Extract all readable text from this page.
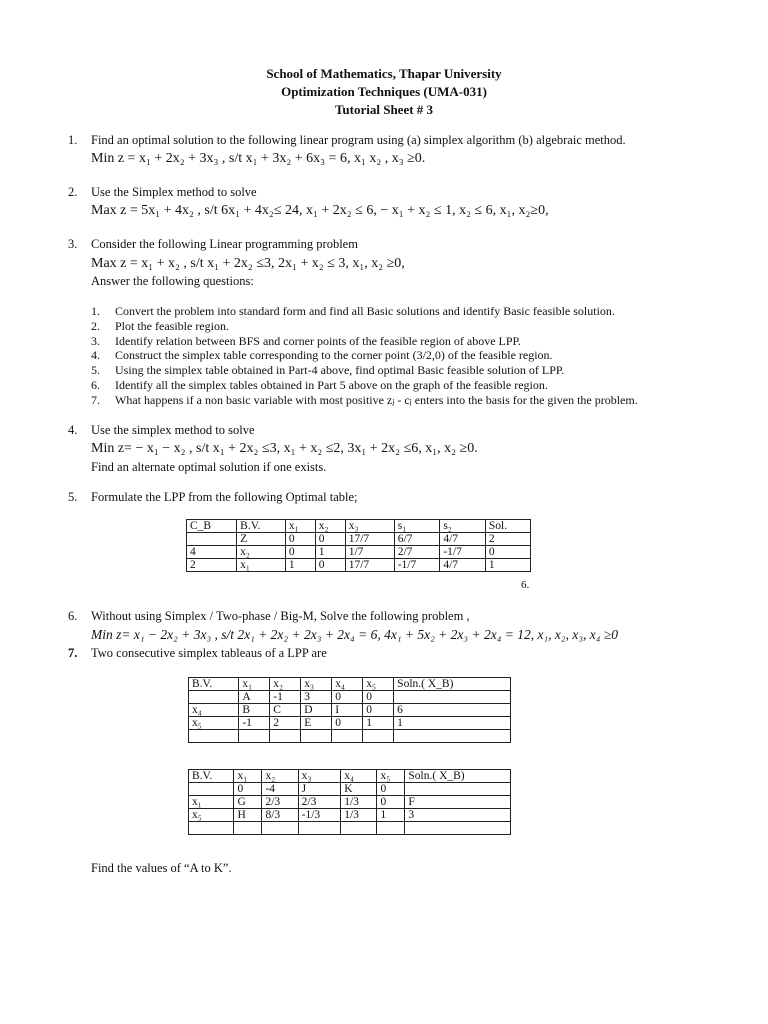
School of Mathematics, Thapar University
Optimization Techniques (UMA-031)
Tutorial Sheet # 3
1. Find an optimal solution to the following linear program using (a) simplex algorithm (b) algebraic method.
Min z = x₁ + 2x₂ + 3x₃ , s/t x₁ + 3x₂ + 6x₃ = 6, x₁ x₂ , x₃ ≥0.
2. Use the Simplex method to solve
Max z = 5x₁ + 4x₂ , s/t 6x₁ + 4x₂≤ 24, x₁ + 2x₂ ≤ 6, − x₁ + x₂ ≤ 1, x₂ ≤ 6, x₁, x₂≥0,
3. Consider the following Linear programming problem
Max z = x₁ + x₂ , s/t x₁ + 2x₂ ≤3, 2x₁ + x₂ ≤ 3, x₁, x₂ ≥0,
Answer the following questions:
1. Convert the problem into standard form and find all Basic solutions and identify Basic feasible solution.
2. Plot the feasible region.
3. Identify relation between BFS and corner points of the feasible region of above LPP.
4. Construct the simplex table corresponding to the corner point (3/2,0) of the feasible region.
5. Using the simplex table obtained in Part-4 above, find optimal Basic feasible solution of LPP.
6. Identify all the simplex tables obtained in Part 5 above on the graph of the feasible region.
7. What happens if a non basic variable with most positive zⱼ - cⱼ enters into the basis for the given the problem.
4. Use the simplex method to solve
Min z= − x₁ − x₂ , s/t x₁ + 2x₂ ≤3, x₁ + x₂ ≤2, 3x₁ + 2x₂ ≤6, x₁, x₂ ≥0.
Find an alternate optimal solution if one exists.
5. Formulate the LPP from the following Optimal table;
C_B	B.V.	x₁	x₂	x₃	s₁	s₂	Sol.
	Z	0	0	17/7	6/7	4/7	2
4	x₂	0	1	1/7	2/7	-1/7	0
2	x₁	1	0	17/7	-1/7	4/7	1
6.
6. Without using Simplex / Two-phase / Big-M, Solve the following problem ,
Min z= x₁ − 2x₂ + 3x₃ , s/t 2x₁ + 2x₂ + 2x₃ + 2x₄ = 6, 4x₁ + 5x₂ + 2x₃ + 2x₄ = 12, x₁, x₂, x₃, x₄ ≥0
7. Two consecutive simplex tableaus of a LPP are
B.V.	x₁	x₂	x₃	x₄	x₅	Soln.( X_B)
	A	-1	3	0	0	
x₄	B	C	D	I	0	6
x₅	-1	2	E	0	1	1

B.V.	x₁	x₂	x₃	x₄	x₅	Soln.( X_B)
	0	-4	J	K	0	
x₁	G	2/3	2/3	1/3	0	F
x₅	H	8/3	-1/3	1/3	1	3

Find the values of “A to K”.
